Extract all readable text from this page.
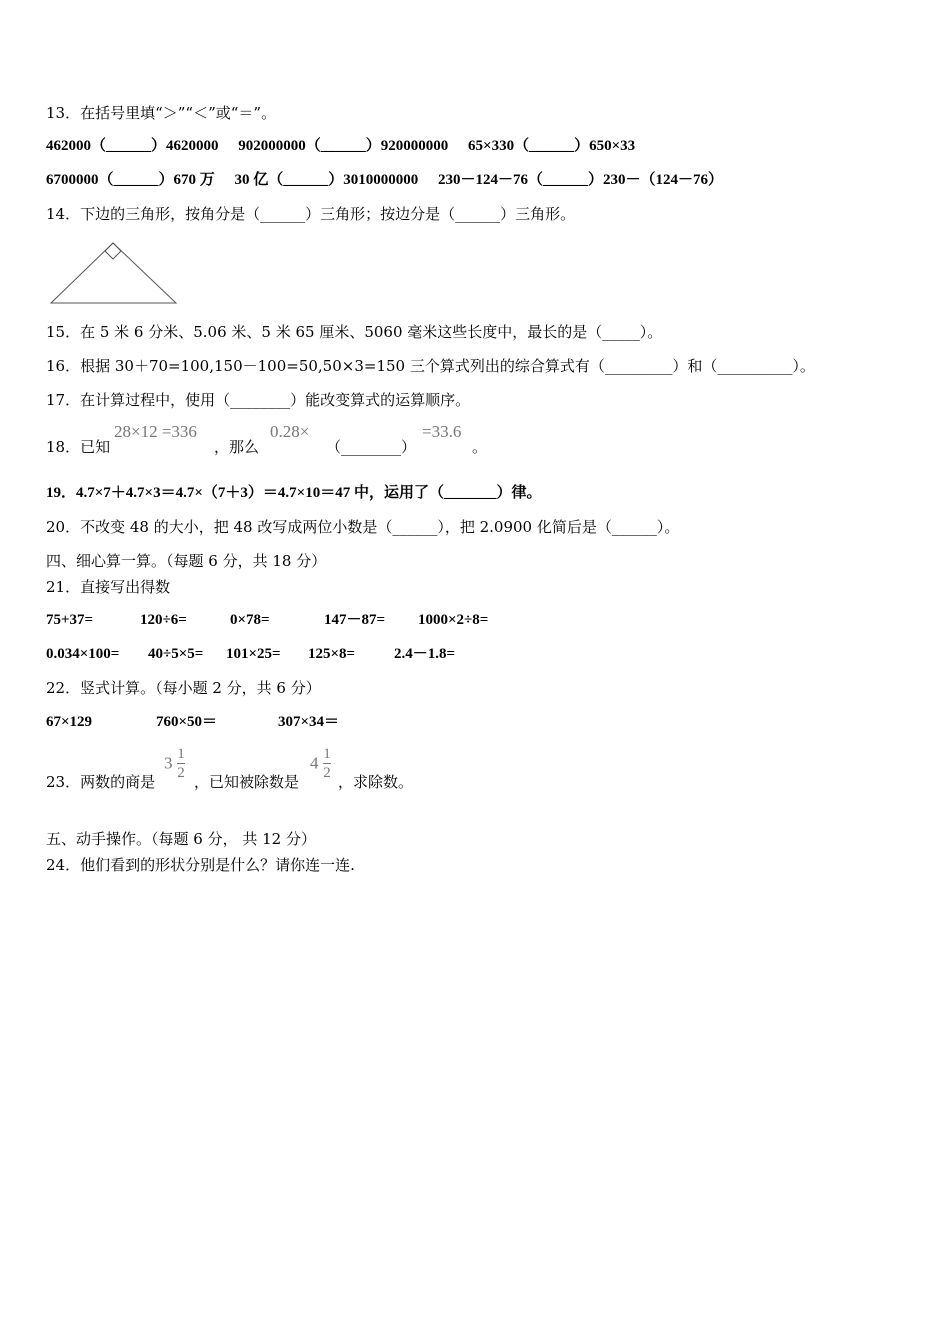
13．在括号里填“＞”“＜”或“＝”。
462000（______）4620000 902000000（______）920000000 65×330（______）650×33
6700000（______）670 万 30 亿（______）3010000000 230－124－76（______）230－（124－76）
14．下边的三角形，按角分是（______）三角形；按边分是（______）三角形。
15．在 5 米 6 分米、5.06 米、5 米 65 厘米、5060 毫米这些长度中，最长的是（_____）。
16．根据 30＋70=100,150－100=50,50×3=150 三个算式列出的综合算式有（_________）和（__________）。
17．在计算过程中，使用（________）能改变算式的运算顺序。
18．已知
28×12 =336
，那么
0.28×
（________）
=33.6
。
19．4.7×7＋4.7×3＝4.7×（7＋3）＝4.7×10＝47 中，运用了（_______）律。
20．不改变 48 的大小，把 48 改写成两位小数是（______），把 2.0900 化简后是（______）。
四、细心算一算。（每题 6 分，共 18 分）
21．直接写出得数
75+37=	120÷6=	0×78=	147－87= 1000×2÷8=
0.034×100= 40÷5×5= 101×25= 125×8=	2.4－1.8=
22．竖式计算。（每小题 2 分，共 6 分）
67×129	760×50＝	307×34＝
23．两数的商是
$3 \frac{1}{2}$
，已知被除数是
$4 \frac{1}{2}$
，求除数。
五、动手操作。（每题 6 分， 共 12 分）
24．他们看到的形状分别是什么？请你连一连.
